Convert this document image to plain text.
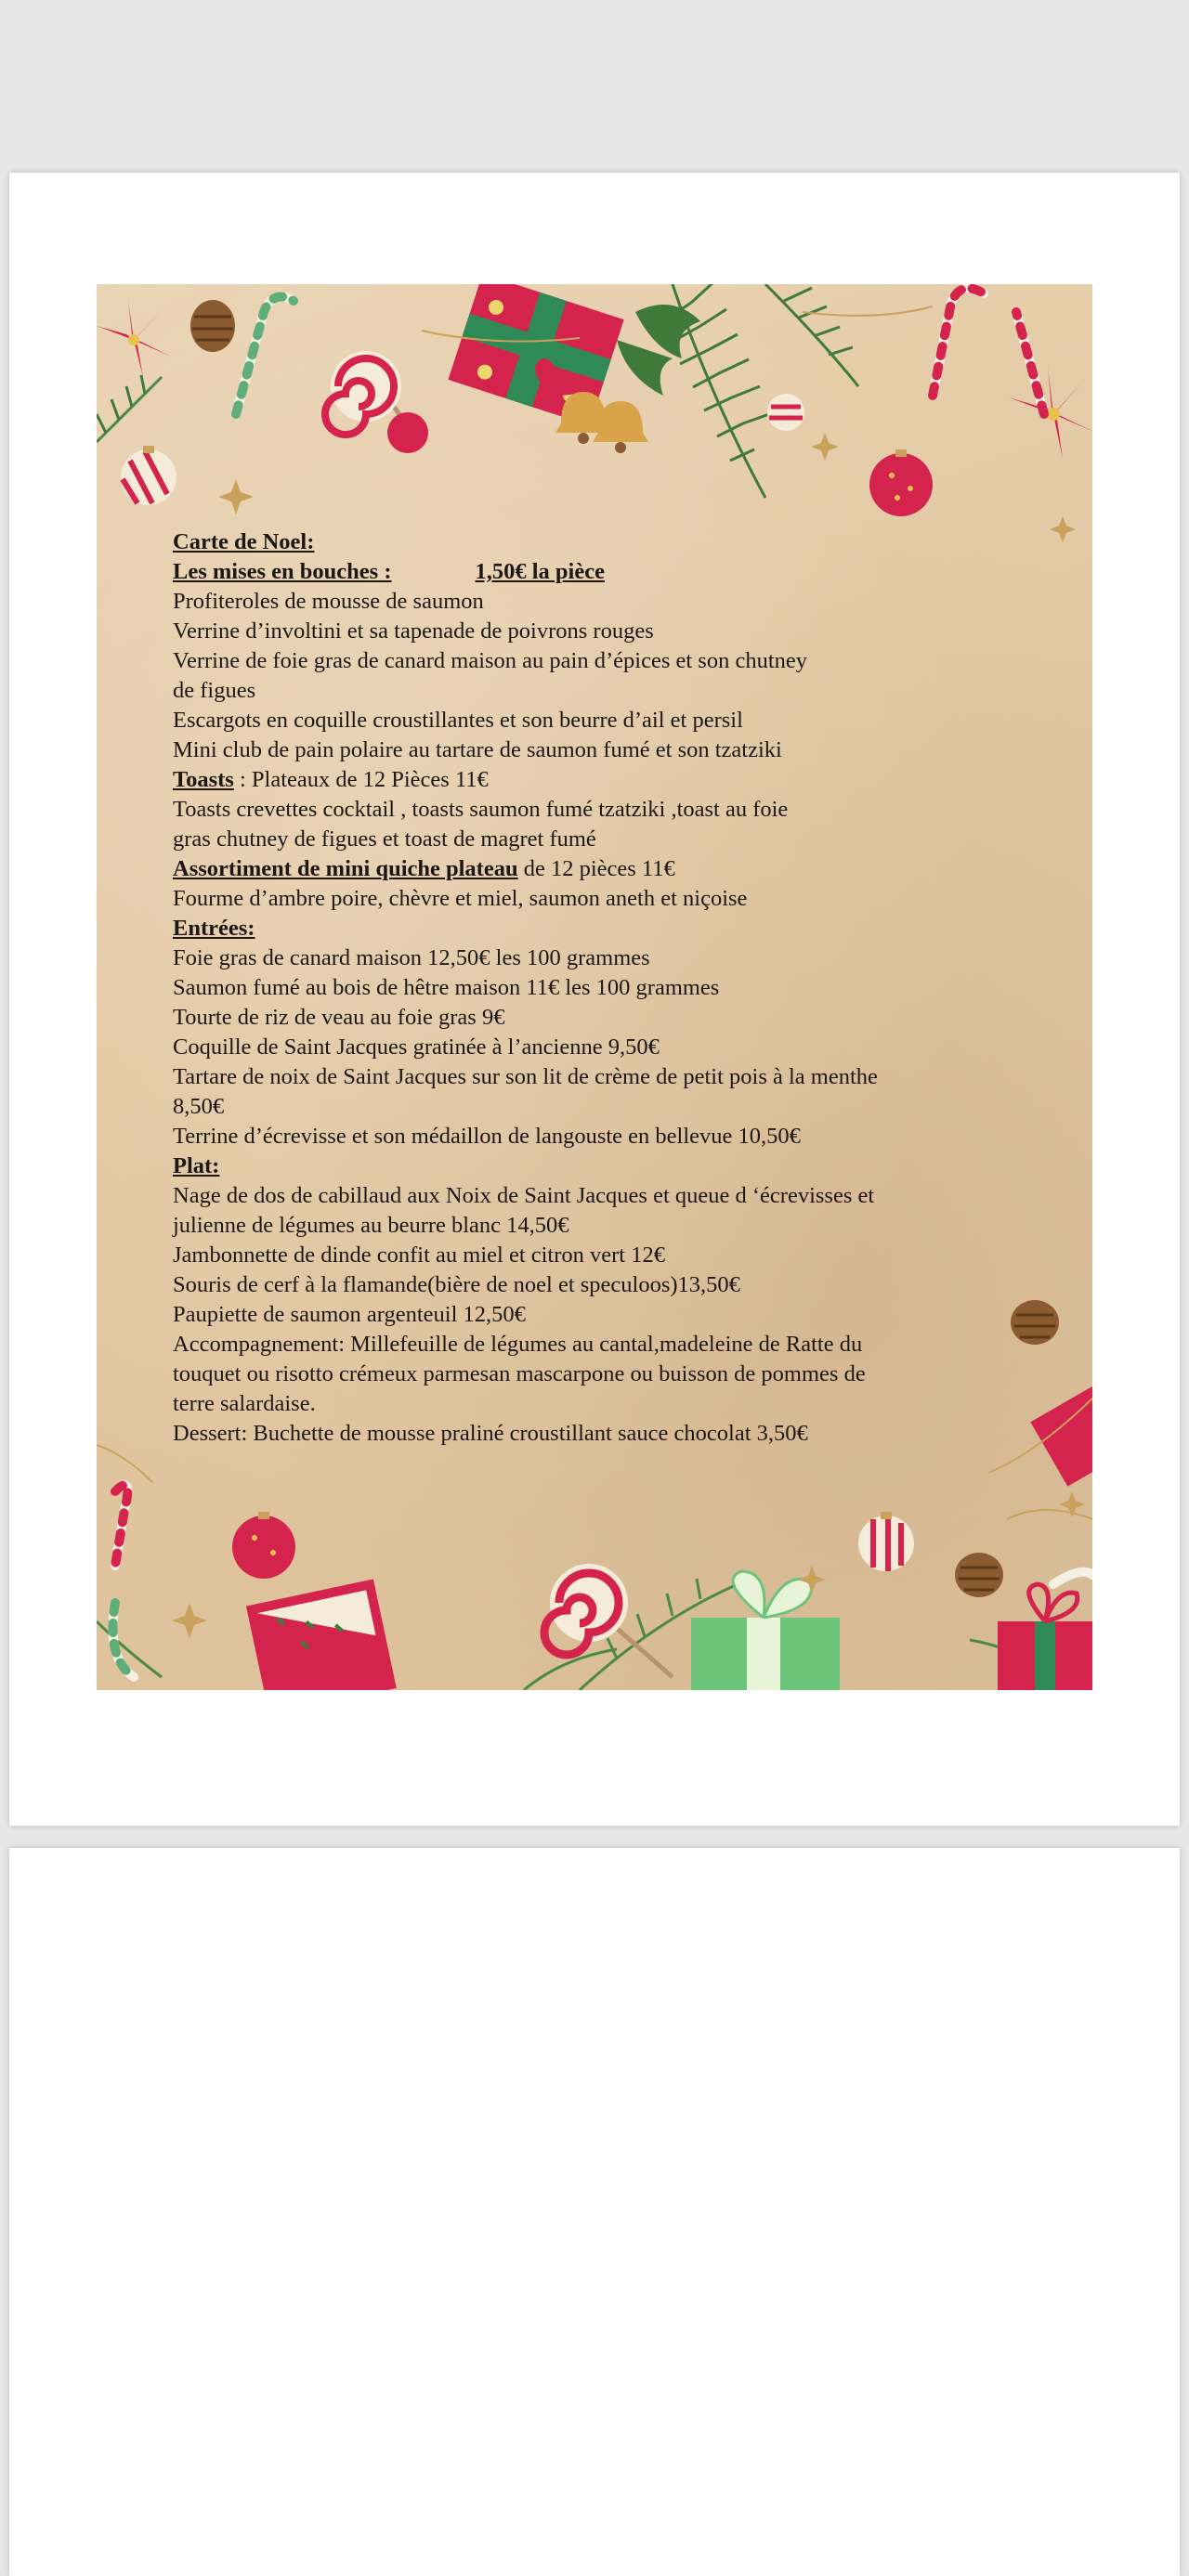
Carte de Noel:
Les mises en bouches :	1,50€ la pièce
Profiteroles de mousse de saumon
Verrine d’involtini et sa tapenade de poivrons rouges
Verrine de foie gras de canard maison au pain d’épices et son chutney
de figues
Escargots en coquille croustillantes et son beurre d’ail et persil
Mini club de pain polaire au tartare de saumon fumé et son tzatziki
Toasts : Plateaux de 12 Pièces 11€
Toasts crevettes cocktail , toasts saumon fumé tzatziki ,toast au foie
gras chutney de figues et toast de magret fumé
Assortiment de mini quiche plateau de 12 pièces 11€
Fourme d’ambre poire, chèvre et miel, saumon aneth et niçoise
Entrées:
Foie gras de canard maison 12,50€ les 100 grammes
Saumon fumé au bois de hêtre maison 11€ les 100 grammes
Tourte de riz de veau au foie gras 9€
Coquille de Saint Jacques gratinée à l’ancienne 9,50€
Tartare de noix de Saint Jacques sur son lit de crème de petit pois à la menthe
8,50€
Terrine d’écrevisse et son médaillon de langouste en bellevue 10,50€
Plat:
Nage de dos de cabillaud aux Noix de Saint Jacques et queue d ‘écrevisses et
julienne de légumes au beurre blanc 14,50€
Jambonnette de dinde confit au miel et citron vert 12€
Souris de cerf à la flamande(bière de noel et speculoos)13,50€
Paupiette de saumon argenteuil 12,50€
Accompagnement: Millefeuille de légumes au cantal,madeleine de Ratte du
touquet ou risotto crémeux parmesan mascarpone ou buisson de pommes de
terre salardaise.
Dessert: Buchette de mousse praliné croustillant sauce chocolat 3,50€
